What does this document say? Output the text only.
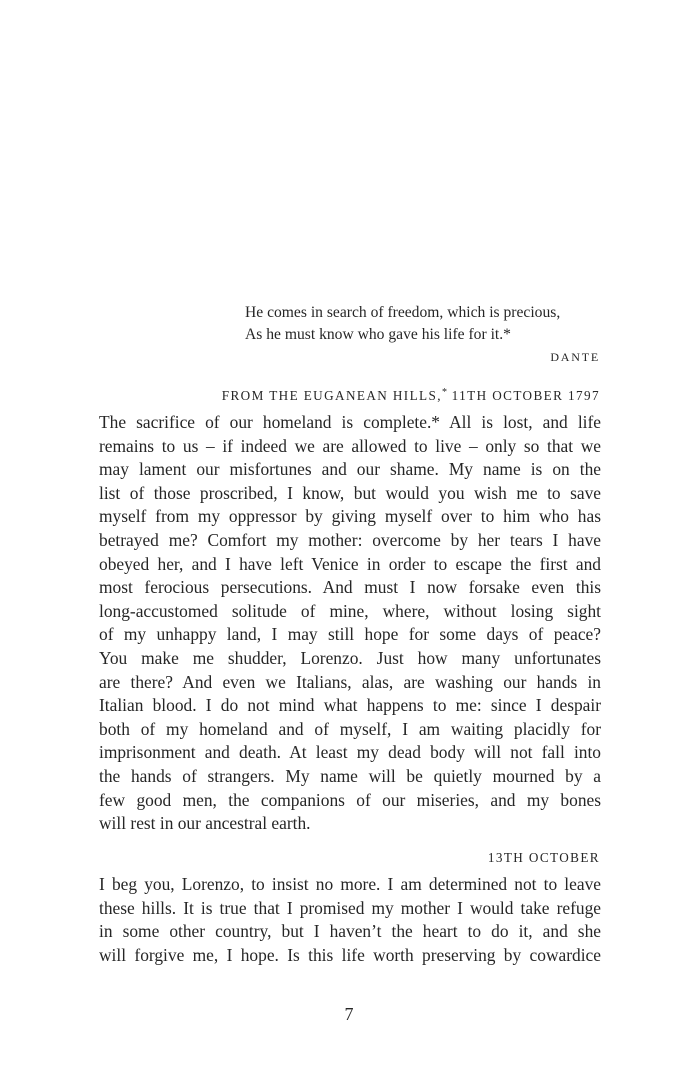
He comes in search of freedom, which is precious,
As he must know who gave his life for it.*
DANTE
FROM THE EUGANEAN HILLS,* 11TH OCTOBER 1797
The sacrifice of our homeland is complete.* All is lost, and life
remains to us – if indeed we are allowed to live – only so that we
may lament our misfortunes and our shame. My name is on the
list of those proscribed, I know, but would you wish me to save
myself from my oppressor by giving myself over to him who has
betrayed me? Comfort my mother: overcome by her tears I have
obeyed her, and I have left Venice in order to escape the first and
most ferocious persecutions. And must I now forsake even this
long-accustomed solitude of mine, where, without losing sight
of my unhappy land, I may still hope for some days of peace?
You make me shudder, Lorenzo. Just how many unfortunates
are there? And even we Italians, alas, are washing our hands in
Italian blood. I do not mind what happens to me: since I despair
both of my homeland and of myself, I am waiting placidly for
imprisonment and death. At least my dead body will not fall into
the hands of strangers. My name will be quietly mourned by a
few good men, the companions of our miseries, and my bones
will rest in our ancestral earth.
13TH OCTOBER
I beg you, Lorenzo, to insist no more. I am determined not to leave
these hills. It is true that I promised my mother I would take refuge
in some other country, but I haven’t the heart to do it, and she
will forgive me, I hope. Is this life worth preserving by cowardice
7
